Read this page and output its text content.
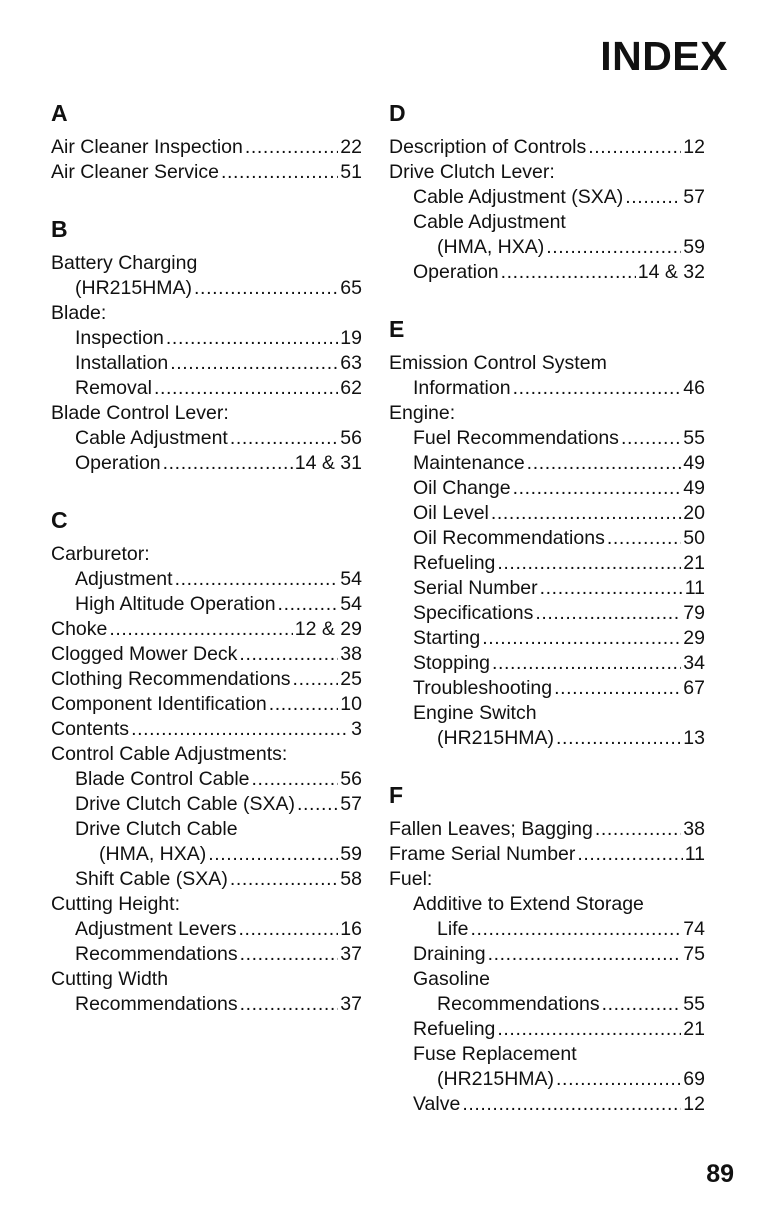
INDEX
A
Air Cleaner Inspection .....	22
Air Cleaner Service .....	51
B
Battery Charging
(HR215HMA) .....	65
Blade:
Inspection .....	19
Installation .....	63
Removal .....	62
Blade Control Lever:
Cable Adjustment .....	56
Operation .....	14 & 31
C
Carburetor:
Adjustment .....	54
High Altitude Operation .....	54
Choke .....	12 & 29
Clogged Mower Deck .....	38
Clothing Recommendations .....	25
Component Identification .....	10
Contents .....	3
Control Cable Adjustments:
Blade Control Cable .....	56
Drive Clutch Cable (SXA) ..... 57
Drive Clutch Cable
(HMA, HXA) .....	59
Shift Cable (SXA) .....	58
Cutting Height:
Adjustment Levers .....	16
Recommendations .....	37
Cutting Width
Recommendations .....	37
D
Description of Controls .....	12
Drive Clutch Lever:
Cable Adjustment (SXA) .....	57
Cable Adjustment
(HMA, HXA) .....	59
Operation .....	14 & 32
E
Emission Control System
Information .....	46
Engine:
Fuel Recommendations .....	55
Maintenance .....	49
Oil Change .....	49
Oil Level .....	20
Oil Recommendations .....	50
Refueling .....	21
Serial Number .....	11
Specifications .....	79
Starting .....	29
Stopping .....	34
Troubleshooting .....	67
Engine Switch
(HR215HMA) .....	13
F
Fallen Leaves; Bagging .....	38
Frame Serial Number .....	11
Fuel:
Additive to Extend Storage
Life .....	74
Draining .....	75
Gasoline
Recommendations .....	55
Refueling .....	21
Fuse Replacement
(HR215HMA) .....	69
Valve .....	12
89
